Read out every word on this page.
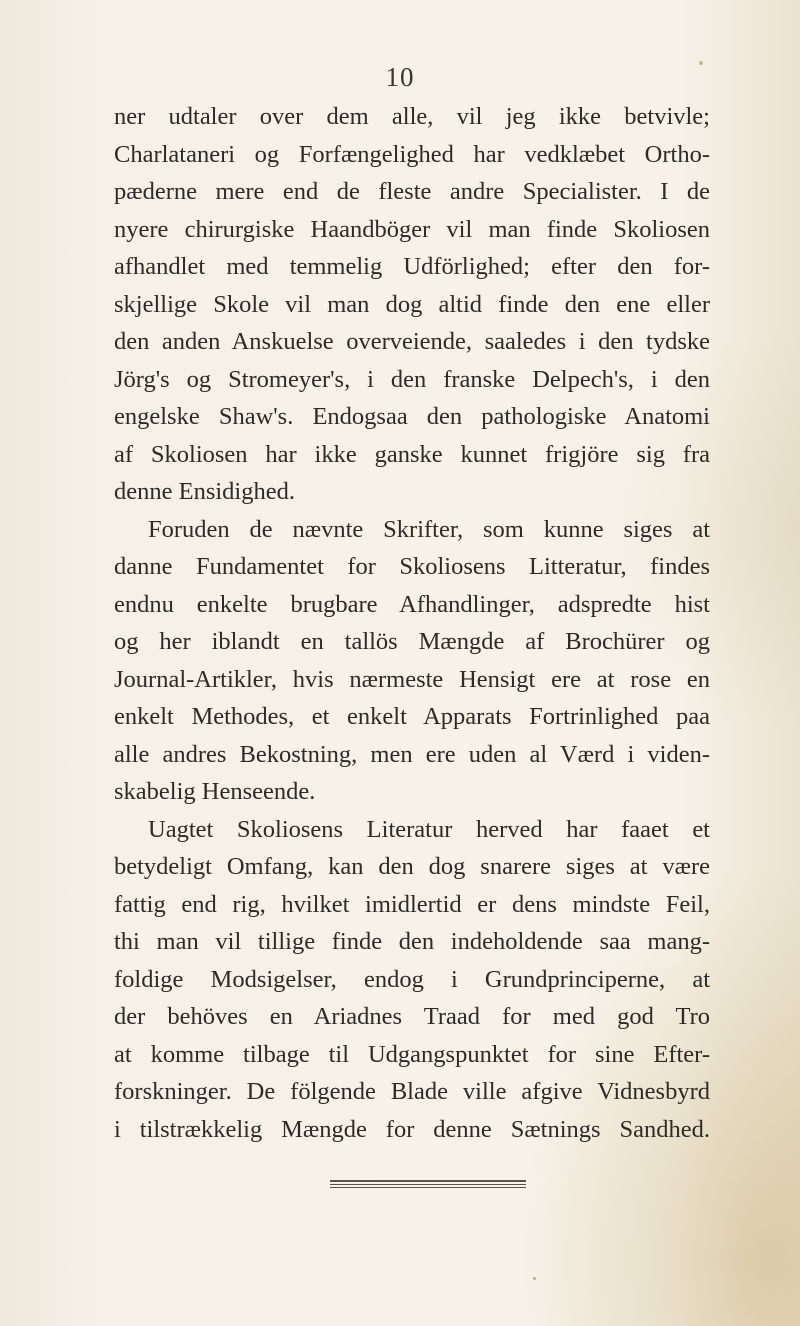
10
ner udtaler over dem alle, vil jeg ikke betvivle;
Charlataneri og Forfængelighed har vedklæbet Ortho-
pæderne mere end de fleste andre Specialister. I de
nyere chirurgiske Haandböger vil man finde Skoliosen
afhandlet med temmelig Udförlighed; efter den for-
skjellige Skole vil man dog altid finde den ene eller
den anden Anskuelse overveiende, saaledes i den tydske
Jörg's og Stromeyer's, i den franske Delpech's, i den
engelske Shaw's. Endogsaa den pathologiske Anatomi
af Skoliosen har ikke ganske kunnet frigjöre sig fra
denne Ensidighed.
Foruden de nævnte Skrifter, som kunne siges at
danne Fundamentet for Skoliosens Litteratur, findes
endnu enkelte brugbare Afhandlinger, adspredte hist
og her iblandt en tallös Mængde af Brochürer og
Journal-Artikler, hvis nærmeste Hensigt ere at rose en
enkelt Methodes, et enkelt Apparats Fortrinlighed paa
alle andres Bekostning, men ere uden al Værd i viden-
skabelig Henseende.
Uagtet Skoliosens Literatur herved har faaet et
betydeligt Omfang, kan den dog snarere siges at være
fattig end rig, hvilket imidlertid er dens mindste Feil,
thi man vil tillige finde den indeholdende saa mang-
foldige Modsigelser, endog i Grundprinciperne, at
der behöves en Ariadnes Traad for med god Tro
at komme tilbage til Udgangspunktet for sine Efter-
forskninger. De fölgende Blade ville afgive Vidnesbyrd
i tilstrækkelig Mængde for denne Sætnings Sandhed.
